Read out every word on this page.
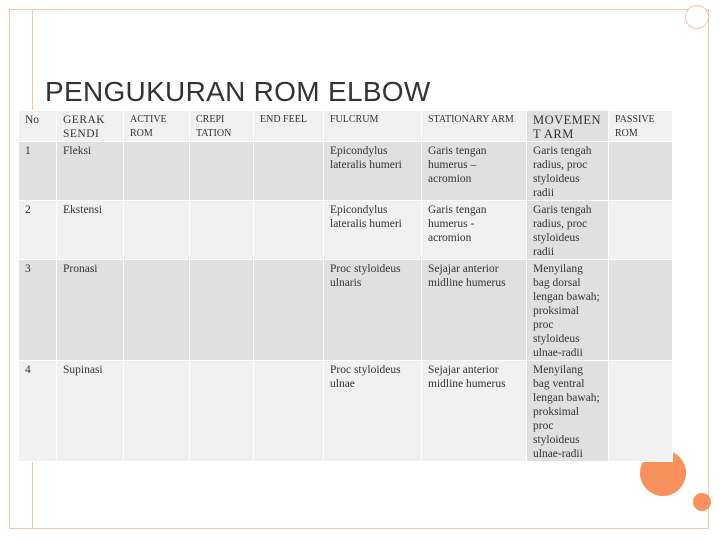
PENGUKURAN ROM ELBOW
No	GERAK SENDI	ACTIVE ROM	CREPI TATION	END FEEL	FULCRUM	STATIONARY ARM	MOVEMENT ARM	PASSIVE ROM
1	Fleksi				Epicondylus lateralis humeri	Garis tengan humerus – acromion	Garis tengah radius, proc styloideus radii	
2	Ekstensi				Epicondylus lateralis humeri	Garis tengan humerus - acromion	Garis tengah radius, proc styloideus radii	
3	Pronasi				Proc styloideus ulnaris	Sejajar anterior midline humerus	Menyilang bag dorsal lengan bawah; proksimal proc styloideus ulnae-radii	
4	Supinasi				Proc styloideus ulnae	Sejajar anterior midline humerus	Menyilang bag ventral lengan bawah; proksimal proc styloideus ulnae-radii	
